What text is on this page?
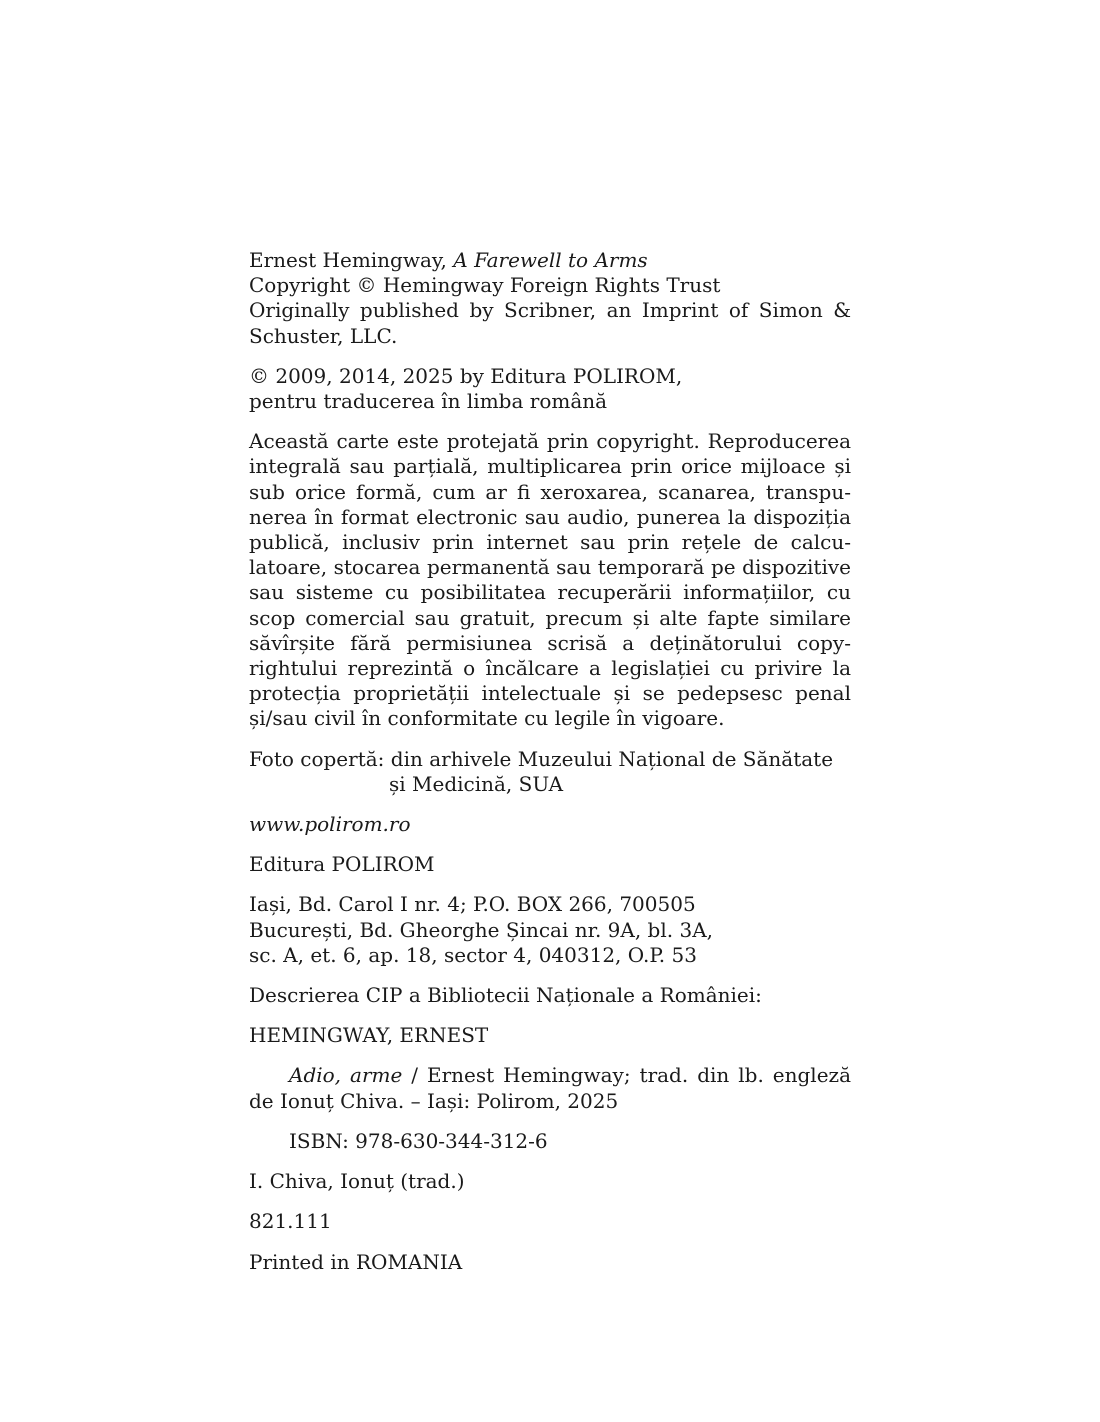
Ernest Hemingway, A Farewell to Arms
Copyright © Hemingway Foreign Rights Trust
Originally published by Scribner, an Imprint of Simon & Schuster, LLC.

© 2009, 2014, 2025 by Editura POLIROM,
pentru traducerea în limba română

Această carte este protejată prin copyright. Reproducerea integrală sau parțială, multiplicarea prin orice mijloace și sub orice formă, cum ar fi xeroxarea, scanarea, transpunerea în format electronic sau audio, punerea la dispoziția publică, inclusiv prin internet sau prin rețele de calculatoare, stocarea permanentă sau temporară pe dispozitive sau sisteme cu posibilitatea recuperării informațiilor, cu scop comercial sau gratuit, precum și alte fapte similare săvîrșite fără permisiunea scrisă a deținătorului copyrightului reprezintă o încălcare a legislației cu privire la protecția proprietății intelectuale și se pedepsesc penal și/sau civil în conformitate cu legile în vigoare.

Foto copertă: din arhivele Muzeului Național de Sănătate
și Medicină, SUA

www.polirom.ro

Editura POLIROM

Iași, Bd. Carol I nr. 4; P.O. BOX 266, 700505
București, Bd. Gheorghe Șincai nr. 9A, bl. 3A,
sc. A, et. 6, ap. 18, sector 4, 040312, O.P. 53

Descrierea CIP a Bibliotecii Naționale a României:

HEMINGWAY, ERNEST

Adio, arme / Ernest Hemingway; trad. din lb. engleză de Ionuț Chiva. – Iași: Polirom, 2025

ISBN: 978-630-344-312-6

I. Chiva, Ionuț (trad.)

821.111

Printed in ROMANIA
